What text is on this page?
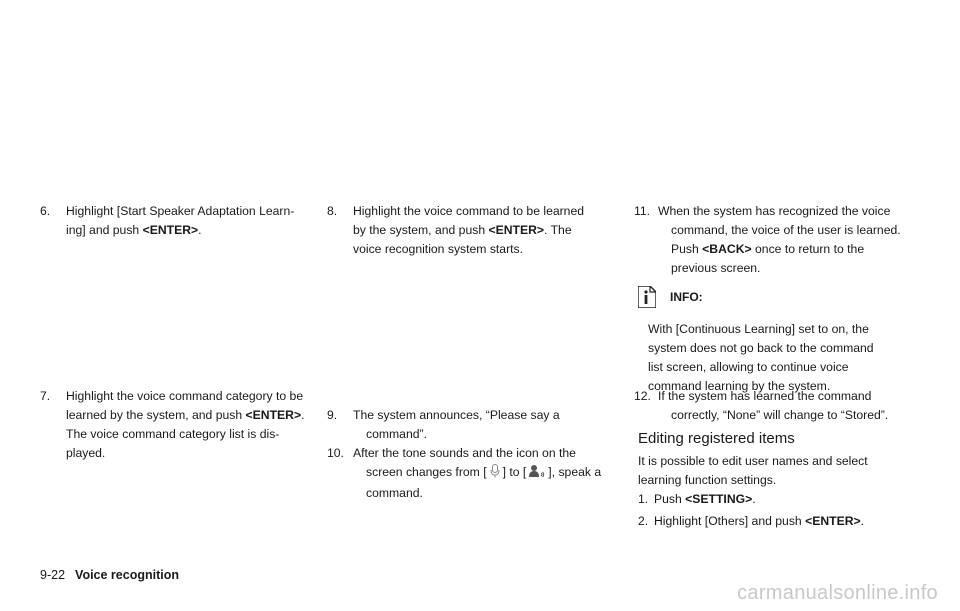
6. Highlight [Start Speaker Adaptation Learn-
ing] and push <ENTER>.
7. Highlight the voice command category to be
learned by the system, and push <ENTER>.
The voice command category list is dis-
played.
8. Highlight the voice command to be learned
by the system, and push <ENTER>. The
voice recognition system starts.
9. The system announces, “Please say a
command”.
10. After the tone sounds and the icon on the
screen changes from [ ] to [ ], speak a
command.
11. When the system has recognized the voice
command, the voice of the user is learned.
Push <BACK> once to return to the
previous screen.
INFO:
With [Continuous Learning] set to on, the
system does not go back to the command
list screen, allowing to continue voice
command learning by the system.
12. If the system has learned the command
correctly, “None” will change to “Stored”.
Editing registered items
It is possible to edit user names and select
learning function settings.
1. Push <SETTING>.
2. Highlight [Others] and push <ENTER>.
9-22 Voice recognition
carmanualsonline.info
